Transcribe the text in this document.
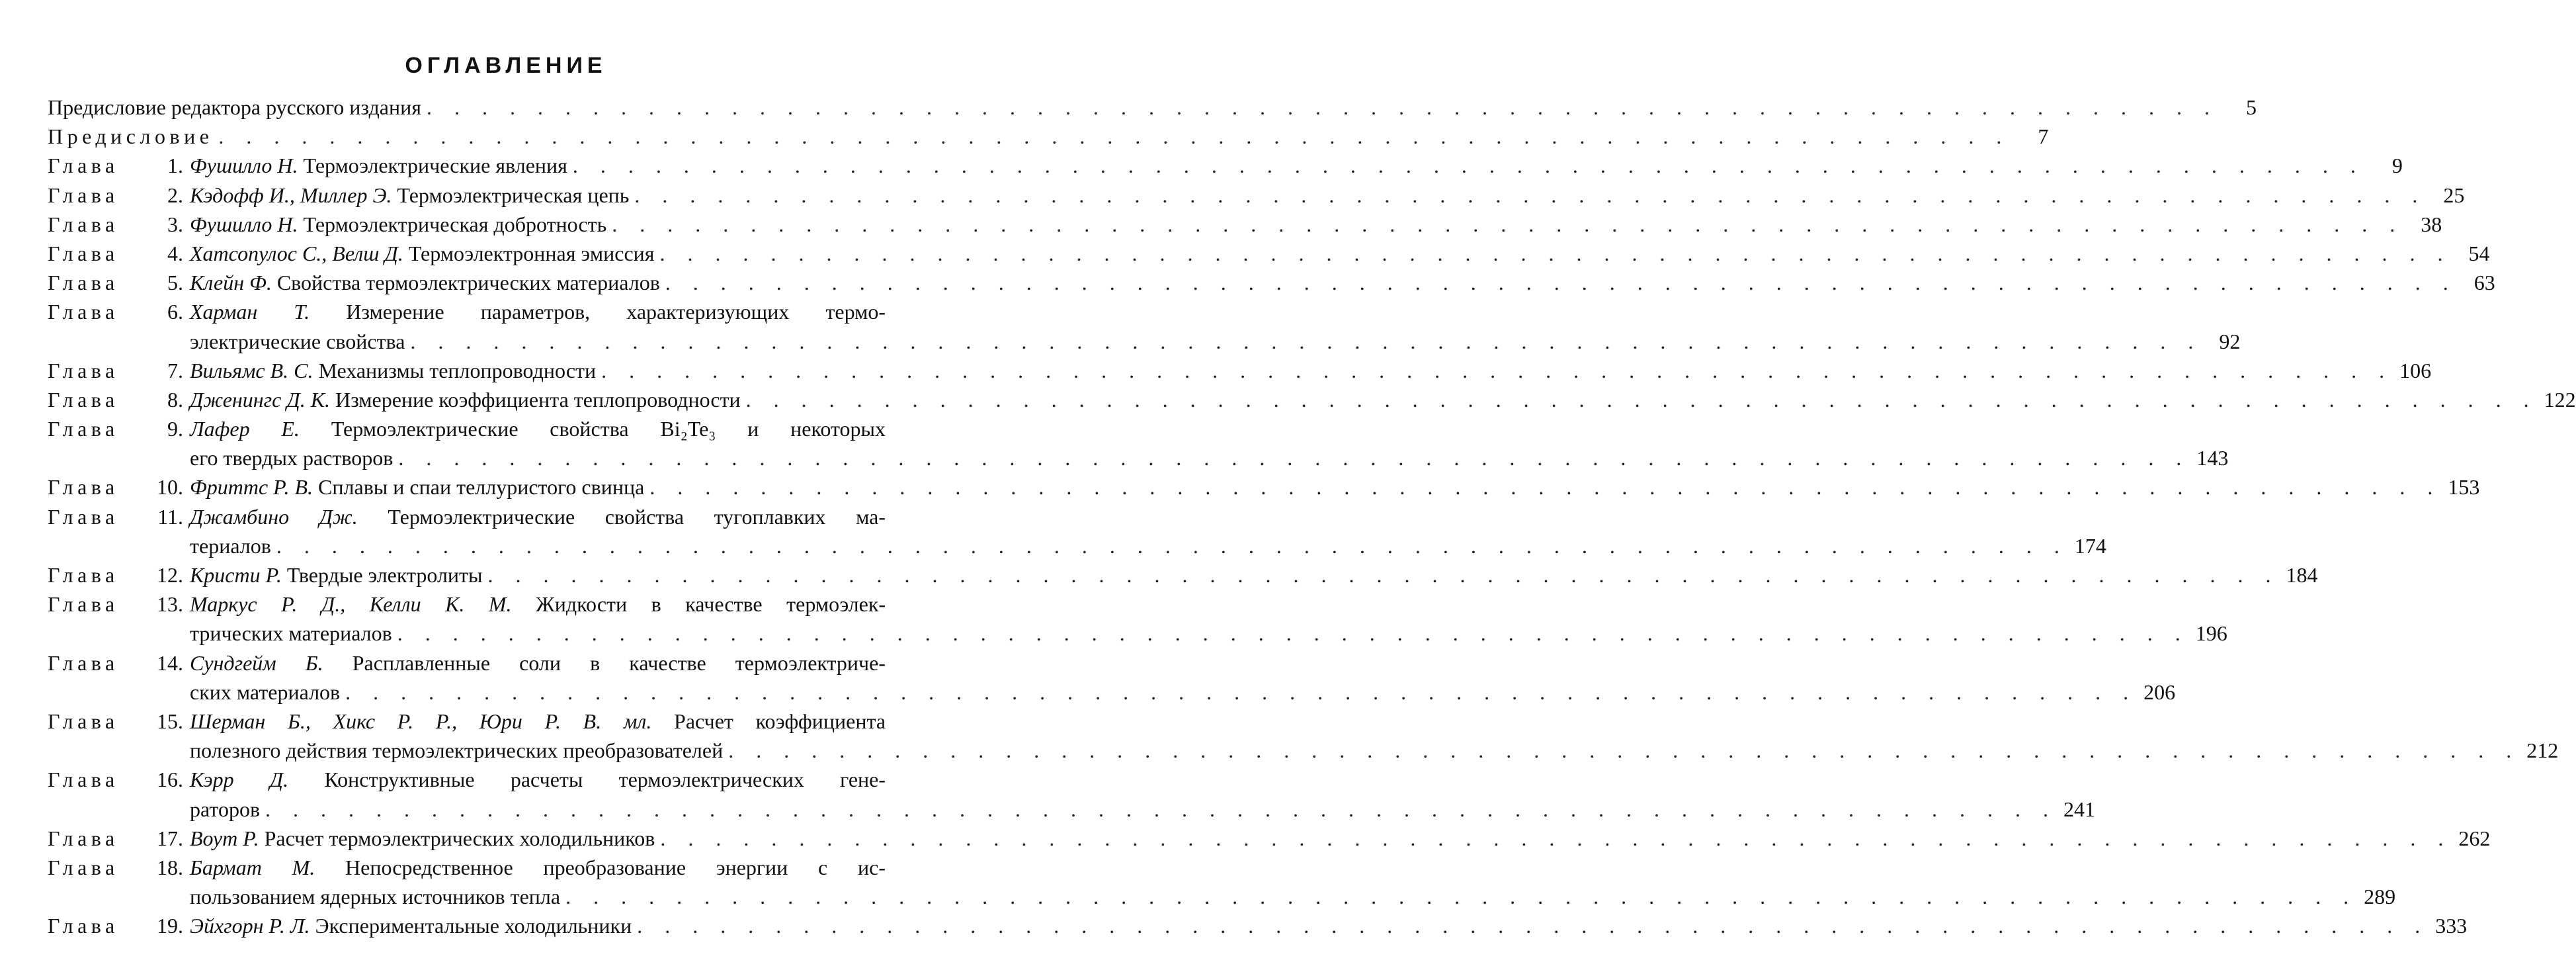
ОГЛАВЛЕНИЕ
Предисловие редактора русского издания . . . . . . . . . . . . . . . . . . . . . . . . . . . . . . . . . . . . . . . . . . . . . . . . . . . . . . . . . . . . . . . . .	5
Предисловие . . . . . . . . . . . . . . . . . . . . . . . . . . . . . . . . . . . . . . . . . . . . . . . . . . . . . . . . . . . . . . . . .	7
Глава	1. Фушилло Н. Термоэлектрические явления . . . . . . . . . . . . . . . . . . . . . . . . . . . . . . . . . . . . . . . . . . . . . . . . . . . . . . . . . . . . . . . . .	9
Глава	2. Кэдофф И., Миллер Э. Термоэлектрическая цепь . . . . . . . . . . . . . . . . . . . . . . . . . . . . . . . . . . . . . . . . . . . . . . . . . . . . . . . . . . . . . . . . . 25
Глава	3. Фушилло Н. Термоэлектрическая добротность . . . . . . . . . . . . . . . . . . . . . . . . . . . . . . . . . . . . . . . . . . . . . . . . . . . . . . . . . . . . . . . . . 38
Глава	4. Хатсопулос С., Велш Д. Термоэлектронная эмиссия . . . . . . . . . . . . . . . . . . . . . . . . . . . . . . . . . . . . . . . . . . . . . . . . . . . . . . . . . . . . . . . . . 54
Глава	5. Клейн Ф. Свойства термоэлектрических материалов . . . . . . . . . . . . . . . . . . . . . . . . . . . . . . . . . . . . . . . . . . . . . . . . . . . . . . . . . . . . . . . . . 63
Глава	6. Харман Т. Измерение параметров, характеризующих термо-
электрические свойства . . . . . . . . . . . . . . . . . . . . . . . . . . . . . . . . . . . . . . . . . . . . . . . . . . . . . . . . . . . . . . . . . 92
Глава	7. Вильямс В. С. Механизмы теплопроводности . . . . . . . . . . . . . . . . . . . . . . . . . . . . . . . . . . . . . . . . . . . . . . . . . . . . . . . . . . . . . . . . . 106
Глава	8. Дженингс Д. К. Измерение коэффициента теплопроводности . . . . . . . . . . . . . . . . . . . . . . . . . . . . . . . . . . . . . . . . . . . . . . . . . . . . . . . . . . . . . . . . . 122
Глава	9. Лафер Е. Термоэлектрические свойства Bi₂Te₃ и некоторых
его твердых растворов . . . . . . . . . . . . . . . . . . . . . . . . . . . . . . . . . . . . . . . . . . . . . . . . . . . . . . . . . . . . . . . . . 143
Глава	10. Фриттс Р. В. Сплавы и спаи теллуристого свинца . . . . . . . . . . . . . . . . . . . . . . . . . . . . . . . . . . . . . . . . . . . . . . . . . . . . . . . . . . . . . . . . . 153
Глава	11. Джамбино Дж. Термоэлектрические свойства тугоплавких ма-
териалов . . . . . . . . . . . . . . . . . . . . . . . . . . . . . . . . . . . . . . . . . . . . . . . . . . . . . . . . . . . . . . . . . 174
Глава	12. Кристи Р. Твердые электролиты . . . . . . . . . . . . . . . . . . . . . . . . . . . . . . . . . . . . . . . . . . . . . . . . . . . . . . . . . . . . . . . . . 184
Глава	13. Маркус Р. Д., Келли К. М. Жидкости в качестве термоэлек-
трических материалов . . . . . . . . . . . . . . . . . . . . . . . . . . . . . . . . . . . . . . . . . . . . . . . . . . . . . . . . . . . . . . . . . 196
Глава	14. Сундгейм Б. Расплавленные соли в качестве термоэлектриче-
ских материалов . . . . . . . . . . . . . . . . . . . . . . . . . . . . . . . . . . . . . . . . . . . . . . . . . . . . . . . . . . . . . . . . . 206
Глава	15. Шерман Б., Хикс Р. Р., Юри Р. В. мл. Расчет коэффициента
полезного действия термоэлектрических преобразователей . . . . . . . . . . . . . . . . . . . . . . . . . . . . . . . . . . . . . . . . . . . . . . . . . . . . . . . . . . . . . . . . . 212
Глава	16. Кэрр Д. Конструктивные расчеты термоэлектрических гене-
раторов . . . . . . . . . . . . . . . . . . . . . . . . . . . . . . . . . . . . . . . . . . . . . . . . . . . . . . . . . . . . . . . . . 241
Глава	17. Воут Р. Расчет термоэлектрических холодильников . . . . . . . . . . . . . . . . . . . . . . . . . . . . . . . . . . . . . . . . . . . . . . . . . . . . . . . . . . . . . . . . . 262
Глава	18. Бармат М. Непосредственное преобразование энергии с ис-
пользованием ядерных источников тепла . . . . . . . . . . . . . . . . . . . . . . . . . . . . . . . . . . . . . . . . . . . . . . . . . . . . . . . . . . . . . . . . . 289
Глава	19. Эйхгорн Р. Л. Экспериментальные холодильники . . . . . . . . . . . . . . . . . . . . . . . . . . . . . . . . . . . . . . . . . . . . . . . . . . . . . . . . . . . . . . . . . 333
